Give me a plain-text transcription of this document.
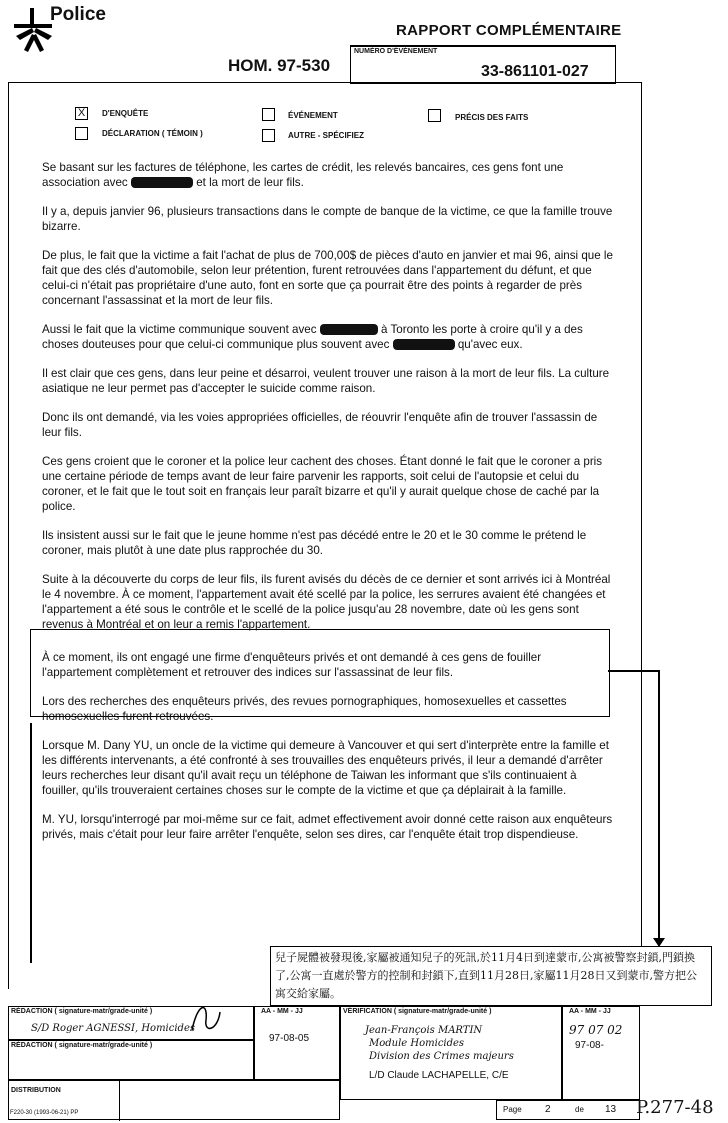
Police
RAPPORT COMPLÉMENTAIRE
HOM. 97-530
NUMÉRO D'ÉVÉNEMENT
33-861101-027
X	D'ENQUÊTE
DÉCLARATION ( TÉMOIN )
ÉVÉNEMENT
AUTRE - SPÉCIFIEZ
PRÉCIS DES FAITS

Se basant sur les factures de téléphone, les cartes de crédit, les relevés bancaires, ces gens font une association avec	et la mort de leur fils.

Il y a, depuis janvier 96, plusieurs transactions dans le compte de banque de la victime, ce que la famille trouve bizarre.

De plus, le fait que la victime a fait l'achat de plus de 700,00$ de pièces d'auto en janvier et mai 96, ainsi que le fait que des clés d'automobile, selon leur prétention, furent retrouvées dans l'appartement du défunt, et que celui-ci n'était pas propriétaire d'une auto, font en sorte que ça pourrait être des points à regarder de près concernant l'assassinat et la mort de leur fils.

Aussi le fait que la victime communique souvent avec	à Toronto les porte à croire qu'il y a des choses douteuses pour que celui-ci communique plus souvent avec	qu'avec eux.

Il est clair que ces gens, dans leur peine et désarroi, veulent trouver une raison à la mort de leur fils. La culture asiatique ne leur permet pas d'accepter le suicide comme raison.

Donc ils ont demandé, via les voies appropriées officielles, de réouvrir l'enquête afin de trouver l'assassin de leur fils.

Ces gens croient que le coroner et la police leur cachent des choses. Étant donné le fait que le coroner a pris une certaine période de temps avant de leur faire parvenir les rapports, soit celui de l'autopsie et celui du coroner, et le fait que le tout soit en français leur paraît bizarre et qu'il y aurait quelque chose de caché par la police.

Ils insistent aussi sur le fait que le jeune homme n'est pas décédé entre le 20 et le 30 comme le prétend le coroner, mais plutôt à une date plus rapprochée du 30.

Suite à la découverte du corps de leur fils, ils furent avisés du décès de ce dernier et sont arrivés ici à Montréal le 4 novembre. À ce moment, l'appartement avait été scellé par la police, les serrures avaient été changées et l'appartement a été sous le contrôle et le scellé de la police jusqu'au 28 novembre, date où les gens sont revenus à Montréal et on leur a remis l'appartement.

À ce moment, ils ont engagé une firme d'enquêteurs privés et ont demandé à ces gens de fouiller l'appartement complètement et retrouver des indices sur l'assassinat de leur fils.

Lors des recherches des enquêteurs privés, des revues pornographiques, homosexuelles et cassettes homosexuelles furent retrouvées.

Lorsque M. Dany YU, un oncle de la victime qui demeure à Vancouver et qui sert d'interprète entre la famille et les différents intervenants, a été confronté à ses trouvailles des enquêteurs privés, il leur a demandé d'arrêter leurs recherches leur disant qu'il avait reçu un téléphone de Taiwan les informant que s'ils continuaient à fouiller, qu'ils trouveraient certaines choses sur le compte de la victime et que ça déplairait à la famille.

M. YU, lorsqu'interrogé par moi-même sur ce fait, admet effectivement avoir donné cette raison aux enquêteurs privés, mais c'était pour leur faire arrêter l'enquête, selon ses dires, car l'enquête était trop dispendieuse.

兒子屍體被發現後,家屬被通知兒子的死訊,於11月4日到達蒙市,公寓被警察封鎖,門鎖換了,公寓一直處於警方的控制和封鎖下,直到11月28日,家屬11月28日又到蒙市,警方把公寓交給家屬。
RÉDACTION ( signature-matr/grade-unité )
S/D Roger AGNESSI, Homicides
RÉDACTION ( signature-matr/grade-unité )
AA - MM - JJ
97-08-05
VÉRIFICATION ( signature-matr/grade-unité )
Jean-François MARTIN
Module Homicides
Division des Crimes majeurs
L/D Claude LACHAPELLE, C/E
AA - MM - JJ
97 07 02
97-08-
DISTRIBUTION
Page 2	de 13
F220-30 (1993-06-21) PP	P.277-48
